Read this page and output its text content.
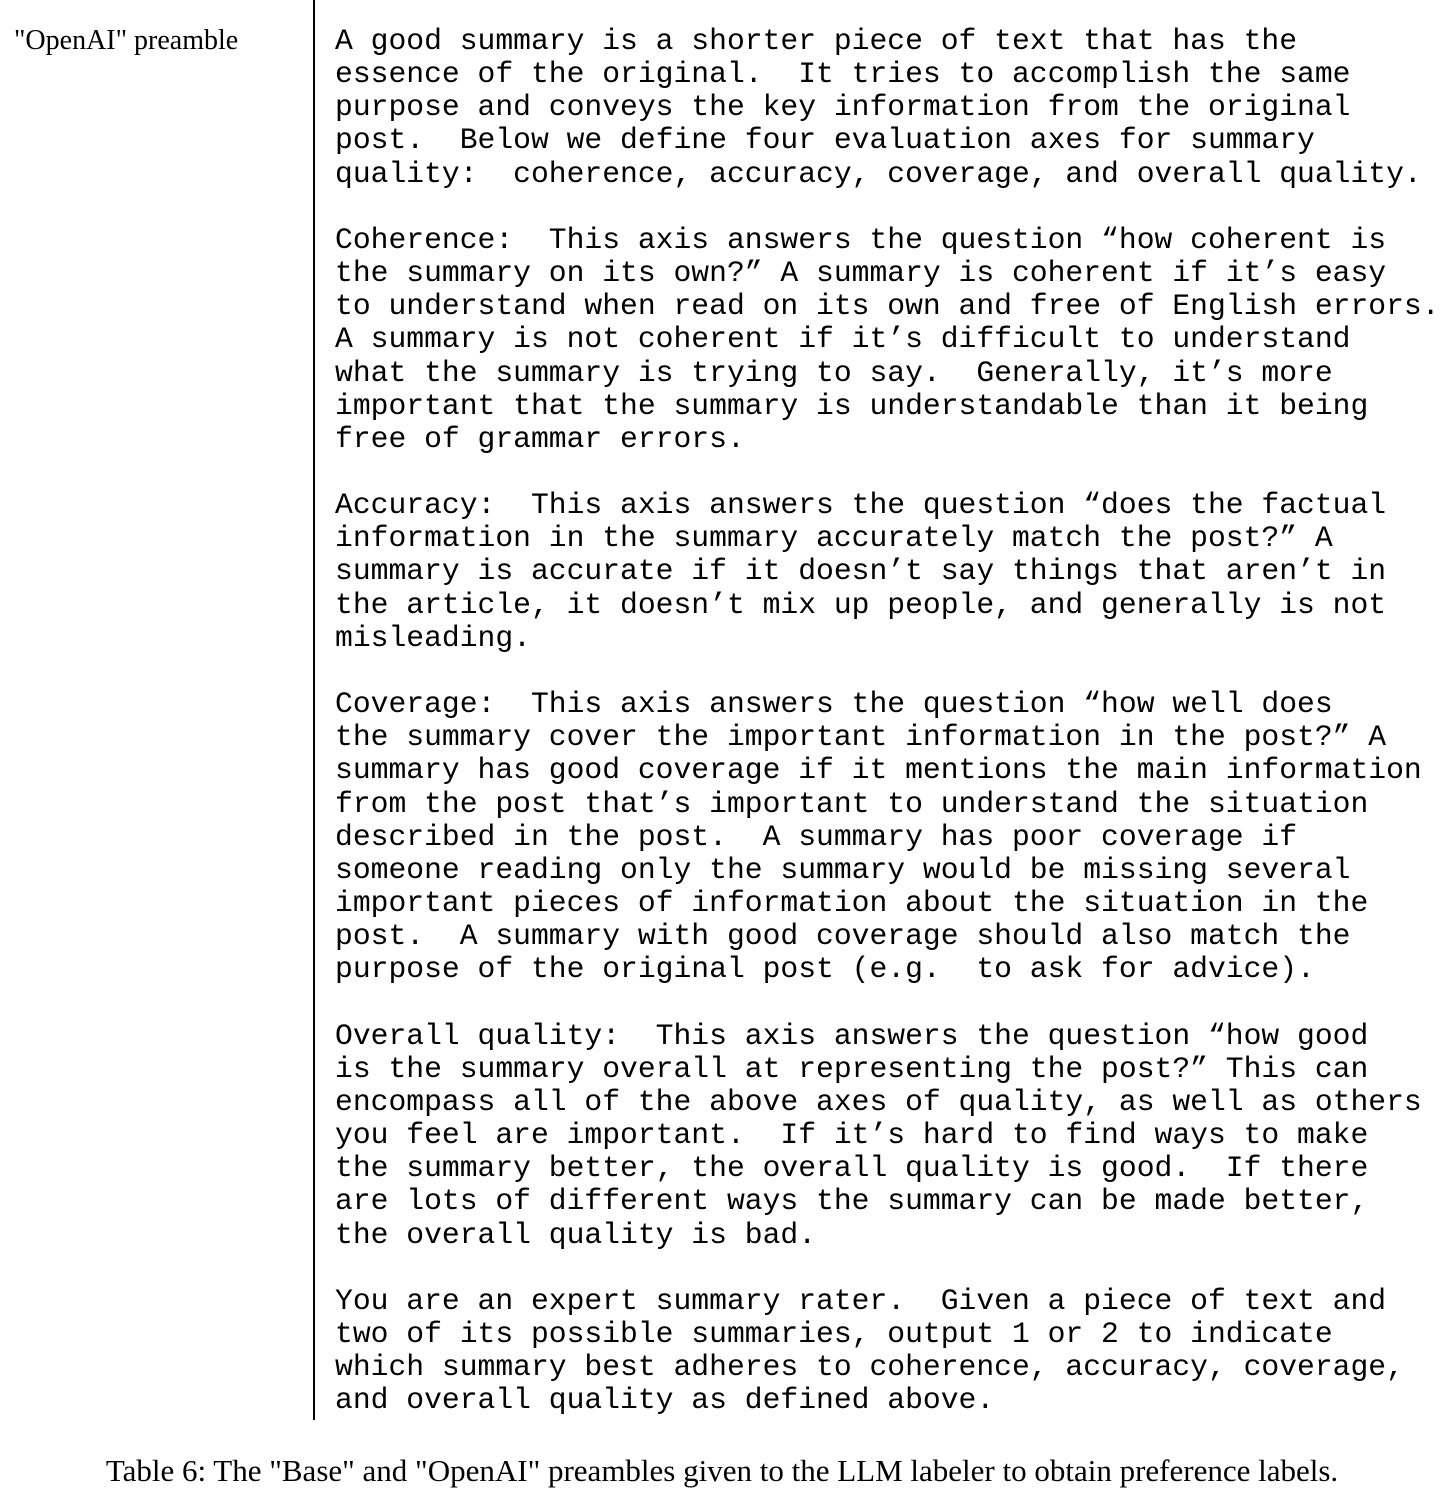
"OpenAI" preamble	A good summary is a shorter piece of text that has the
essence of the original.  It tries to accomplish the same
purpose and conveys the key information from the original
post.  Below we define four evaluation axes for summary
quality:  coherence, accuracy, coverage, and overall quality.
Coherence:  This axis answers the question “how coherent is
the summary on its own?” A summary is coherent if it’s easy
to understand when read on its own and free of English errors.
A summary is not coherent if it’s difficult to understand
what the summary is trying to say.  Generally, it’s more
important that the summary is understandable than it being
free of grammar errors.
Accuracy:  This axis answers the question “does the factual
information in the summary accurately match the post?” A
summary is accurate if it doesn’t say things that aren’t in
the article, it doesn’t mix up people, and generally is not
misleading.
Coverage:  This axis answers the question “how well does
the summary cover the important information in the post?” A
summary has good coverage if it mentions the main information
from the post that’s important to understand the situation
described in the post.  A summary has poor coverage if
someone reading only the summary would be missing several
important pieces of information about the situation in the
post.  A summary with good coverage should also match the
purpose of the original post (e.g.  to ask for advice).
Overall quality:  This axis answers the question “how good
is the summary overall at representing the post?” This can
encompass all of the above axes of quality, as well as others
you feel are important.  If it’s hard to find ways to make
the summary better, the overall quality is good.  If there
are lots of different ways the summary can be made better,
the overall quality is bad.
You are an expert summary rater.  Given a piece of text and
two of its possible summaries, output 1 or 2 to indicate
which summary best adheres to coherence, accuracy, coverage,
and overall quality as defined above.
Table 6: The "Base" and "OpenAI" preambles given to the LLM labeler to obtain preference labels.
